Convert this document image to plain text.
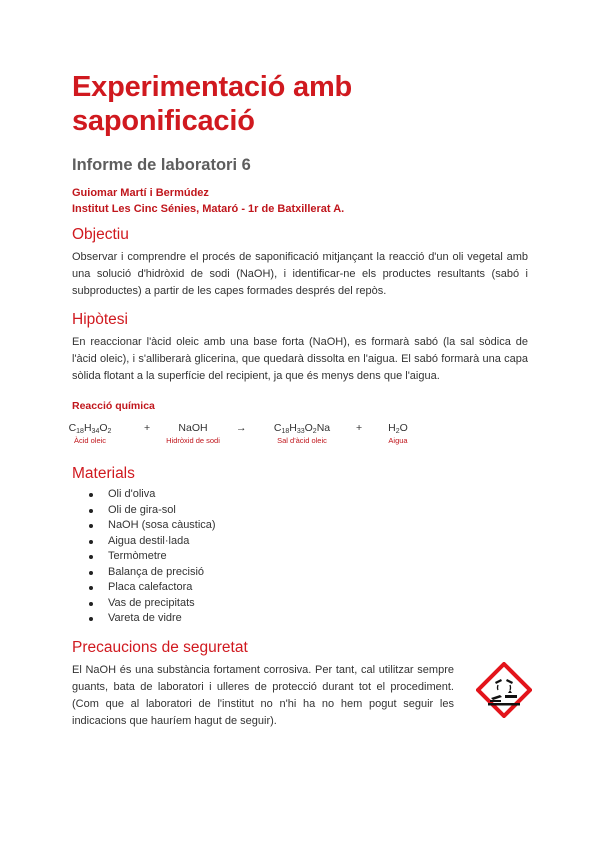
Experimentació amb
saponificació
Informe de laboratori 6
Guiomar Martí i Bermúdez
Institut Les Cinc Sénies, Mataró - 1r de Batxillerat A.
Objectiu

Observar i comprendre el procés de saponificació mitjançant la reacció d'un oli vegetal amb una solució d'hidròxid de sodi (NaOH), i identificar-ne els productes resultants (sabó i subproductes) a partir de les capes formades després del repòs.

Hipòtesi

En reaccionar l'àcid oleic amb una base forta (NaOH), es formarà sabó (la sal sòdica de l'àcid oleic), i s'alliberarà glicerina, que quedarà dissolta en l'aigua. El sabó formarà una capa sòlida flotant a la superfície del recipient, ja que és menys dens que l'aigua.

Reacció química
$C_{18}H_{34}O_2$
Àcid oleic
+	NaOH
Hidròxid de sodi
→	$C_{18}H_{33}O_2Na$
Sal d'àcid oleic
+	$H_2O$
Aigua
Materials
Oli d'oliva
Oli de gira-sol
NaOH (sosa càustica)
Aigua destil·lada
Termòmetre
Balança de precisió
Placa calefactora
Vas de precipitats
Vareta de vidre
Precaucions de seguretat

El NaOH és una substància fortament corrosiva. Per tant, cal utilitzar sempre guants, bata de laboratori i ulleres de protecció durant tot el procediment. (Com que al laboratori de l'institut no n'hi ha no hem pogut seguir les indicacions que hauríem hagut de seguir).
